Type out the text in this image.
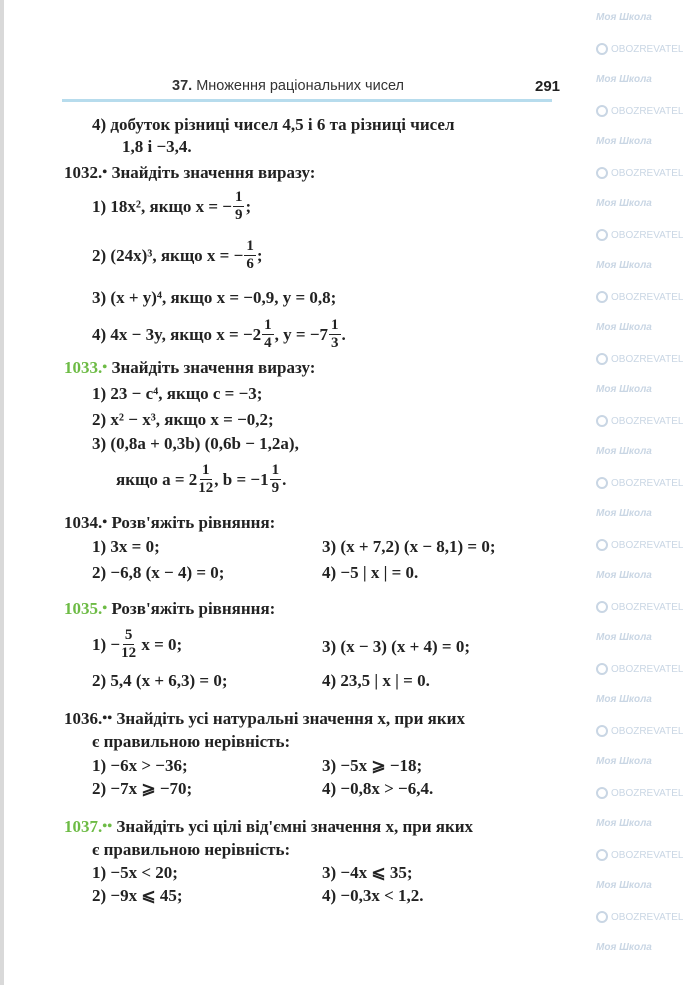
Моя Школа
OBOZREVATEL
Моя Школа
OBOZREVATEL
Моя Школа
OBOZREVATEL
Моя Школа
OBOZREVATEL
Моя Школа
OBOZREVATEL
Моя Школа
OBOZREVATEL
Моя Школа
OBOZREVATEL
Моя Школа
OBOZREVATEL
Моя Школа
OBOZREVATEL
Моя Школа
OBOZREVATEL
Моя Школа
OBOZREVATEL
Моя Школа
OBOZREVATEL
Моя Школа
OBOZREVATEL
Моя Школа
OBOZREVATEL
Моя Школа
OBOZREVATEL
Моя Школа
37. Множення раціональних чисел	291
4) добуток різниці чисел 4,5 і 6 та різниці чисел
1,8 і −3,4.
1032. •
Знайдіть значення виразу:
1) 18x², якщо x = − $\frac{1}{9}$ ;
2) (24x)³, якщо x = − $\frac{1}{6}$ ;
3) (x + y)⁴, якщо x = −0,9, y = 0,8;
4) 4x − 3y, якщо $x = -2 \frac{1}{4}$ , $y = -7 \frac{1}{3}$ .
1033. •
Знайдіть значення виразу:
1) 23 − c⁴, якщо c = −3;
2) x² − x³, якщо x = −0,2;
3) (0,8a + 0,3b) (0,6b − 1,2a),
якщо $a = 2 \frac{1}{12}$ , $b = -1 \frac{1}{9}$ .
1034. •
Розв'яжіть рівняння:
1) 3x = 0;	3) (x + 7,2) (x − 8,1) = 0;
2) −6,8 (x − 4) = 0;	4) −5 | x | = 0.
1035. •
Розв'яжіть рівняння:
$1) - \frac{5}{12}$
x = 0;	3) (x − 3) (x + 4) = 0;
2) 5,4 (x + 6,3) = 0;	4) 23,5 | x | = 0.
1036. ••
Знайдіть усі натуральні значення x, при яких
є правильною нерівність:
1) −6x > −36;	3) −5x ⩾ −18;
2) −7x ⩾ −70;	4) −0,8x > −6,4.
1037. ••
Знайдіть усі цілі від'ємні значення x, при яких
є правильною нерівність:
1) −5x < 20;	3) −4x ⩽ 35;
2) −9x ⩽ 45;	4) −0,3x < 1,2.
